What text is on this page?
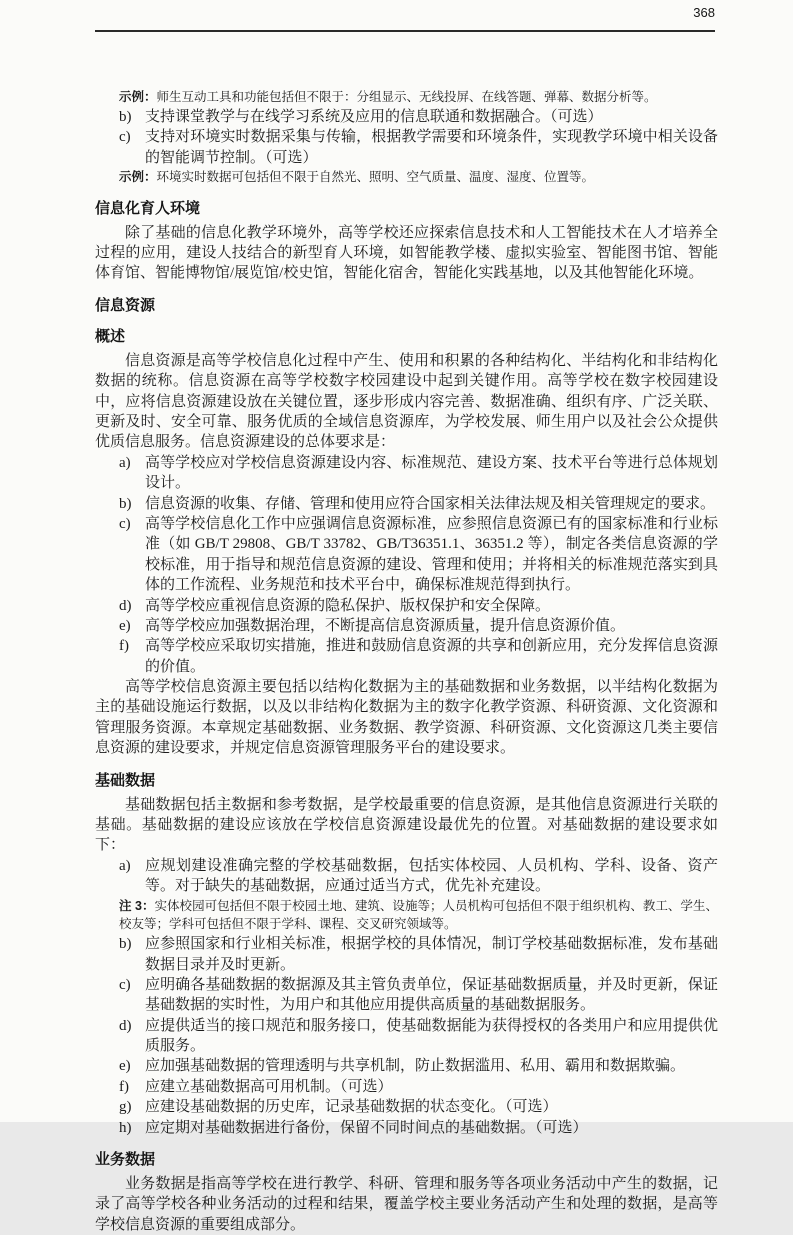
368
示例：师生互动工具和功能包括但不限于：分组显示、无线投屏、在线答题、弹幕、数据分析等。
b) 支持课堂教学与在线学习系统及应用的信息联通和数据融合。（可选）
c) 支持对环境实时数据采集与传输，根据教学需要和环境条件，实现教学环境中相关设备的智能调节控制。（可选）
示例：环境实时数据可包括但不限于自然光、照明、空气质量、温度、湿度、位置等。
信息化育人环境

除了基础的信息化教学环境外，高等学校还应探索信息技术和人工智能技术在人才培养全过程的应用，建设人技结合的新型育人环境，如智能教学楼、虚拟实验室、智能图书馆、智能体育馆、智能博物馆/展览馆/校史馆，智能化宿舍，智能化实践基地，以及其他智能化环境。

信息资源
概述

信息资源是高等学校信息化过程中产生、使用和积累的各种结构化、半结构化和非结构化数据的统称。信息资源在高等学校数字校园建设中起到关键作用。高等学校在数字校园建设中，应将信息资源建设放在关键位置，逐步形成内容完善、数据准确、组织有序、广泛关联、更新及时、安全可靠、服务优质的全域信息资源库，为学校发展、师生用户以及社会公众提供优质信息服务。信息资源建设的总体要求是：

a) 高等学校应对学校信息资源建设内容、标准规范、建设方案、技术平台等进行总体规划设计。
b) 信息资源的收集、存储、管理和使用应符合国家相关法律法规及相关管理规定的要求。
c) 高等学校信息化工作中应强调信息资源标准，应参照信息资源已有的国家标准和行业标准（如 GB/T 29808、GB/T 33782、GB/T36351.1、36351.2 等），制定各类信息资源的学校标准，用于指导和规范信息资源的建设、管理和使用；并将相关的标准规范落实到具体的工作流程、业务规范和技术平台中，确保标准规范得到执行。
d) 高等学校应重视信息资源的隐私保护、版权保护和安全保障。
e) 高等学校应加强数据治理，不断提高信息资源质量，提升信息资源价值。
f)	高等学校应采取切实措施，推进和鼓励信息资源的共享和创新应用，充分发挥信息资源的价值。

高等学校信息资源主要包括以结构化数据为主的基础数据和业务数据，以半结构化数据为主的基础设施运行数据，以及以非结构化数据为主的数字化教学资源、科研资源、文化资源和管理服务资源。本章规定基础数据、业务数据、教学资源、科研资源、文化资源这几类主要信息资源的建设要求，并规定信息资源管理服务平台的建设要求。

基础数据

基础数据包括主数据和参考数据，是学校最重要的信息资源，是其他信息资源进行关联的基础。基础数据的建设应该放在学校信息资源建设最优先的位置。对基础数据的建设要求如下：

a) 应规划建设准确完整的学校基础数据，包括实体校园、人员机构、学科、设备、资产等。对于缺失的基础数据，应通过适当方式，优先补充建设。
注 3：实体校园可包括但不限于校园土地、建筑、设施等；人员机构可包括但不限于组织机构、教工、学生、校友等；学科可包括但不限于学科、课程、交叉研究领域等。
b) 应参照国家和行业相关标准，根据学校的具体情况，制订学校基础数据标准，发布基础数据目录并及时更新。
c) 应明确各基础数据的数据源及其主管负责单位，保证基础数据质量，并及时更新，保证基础数据的实时性，为用户和其他应用提供高质量的基础数据服务。
d) 应提供适当的接口规范和服务接口，使基础数据能为获得授权的各类用户和应用提供优质服务。
e) 应加强基础数据的管理透明与共享机制，防止数据滥用、私用、霸用和数据欺骗。
f)	应建立基础数据高可用机制。（可选）
g) 应建设基础数据的历史库，记录基础数据的状态变化。（可选）
h) 应定期对基础数据进行备份，保留不同时间点的基础数据。（可选）
业务数据

业务数据是指高等学校在进行教学、科研、管理和服务等各项业务活动中产生的数据，记录了高等学校各种业务活动的过程和结果，覆盖学校主要业务活动产生和处理的数据，是高等学校信息资源的重要组成部分。
